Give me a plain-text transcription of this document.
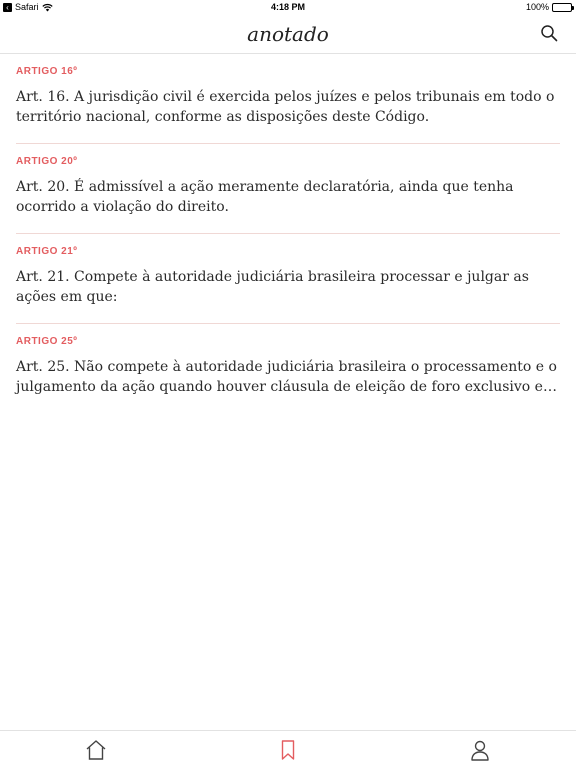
‹ Safari	4:18 PM	100%
anotado
ARTIGO 16º
Art. 16. A jurisdição civil é exercida pelos juízes e pelos tribunais em todo o território nacional, conforme as disposições deste Código.
ARTIGO 20º
Art. 20. É admissível a ação meramente declaratória, ainda que tenha ocorrido a violação do direito.
ARTIGO 21º
Art. 21. Compete à autoridade judiciária brasileira processar e julgar as ações em que:
ARTIGO 25º
Art. 25. Não compete à autoridade judiciária brasileira o processamento e o julgamento da ação quando houver cláusula de eleição de foro exclusivo e…
